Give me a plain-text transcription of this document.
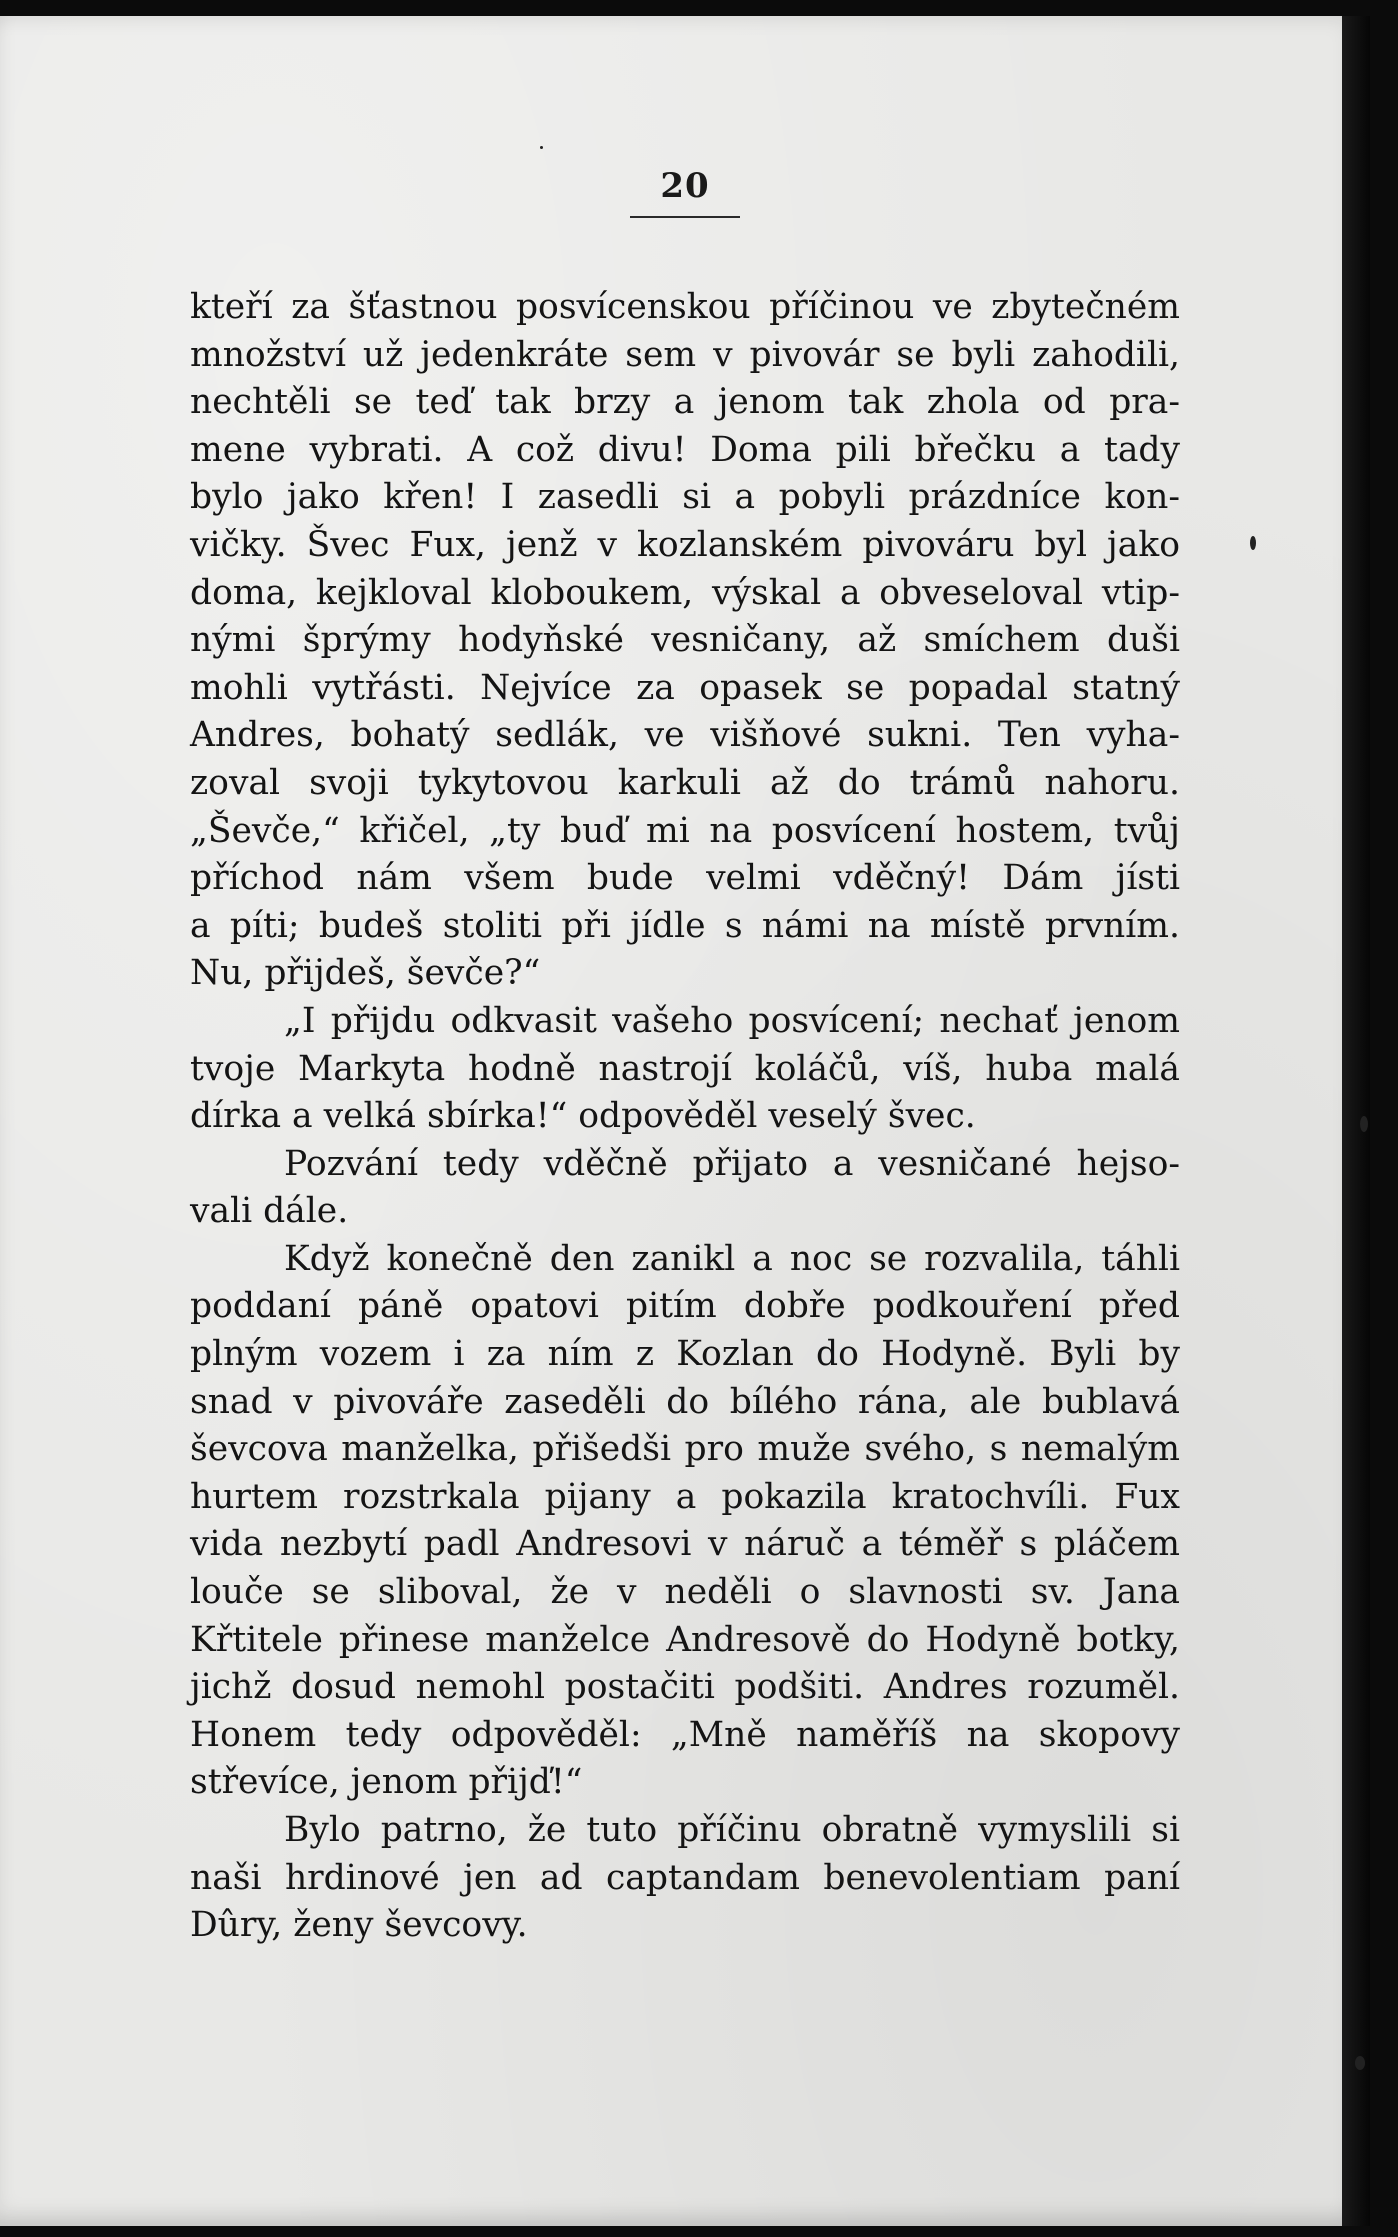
20
kteří za šťastnou posvícenskou příčinou ve zbytečném
množství už jedenkráte sem v pivovár se byli zahodili,
nechtěli se teď tak brzy a jenom tak zhola od pra-
mene vybrati. A což divu! Doma pili břečku a tady
bylo jako křen! I zasedli si a pobyli prázdníce kon-
vičky. Švec Fux, jenž v kozlanském pivováru byl jako
doma, kejkloval kloboukem, výskal a obveseloval vtip-
nými šprýmy hodyňské vesničany, až smíchem duši
mohli vytřásti. Nejvíce za opasek se popadal statný
Andres, bohatý sedlák, ve višňové sukni. Ten vyha-
zoval svoji tykytovou karkuli až do trámů nahoru.
„Ševče,“ křičel, „ty buď mi na posvícení hostem, tvůj
příchod nám všem bude velmi vděčný! Dám jísti
a píti; budeš stoliti při jídle s námi na místě prvním.
Nu, přijdeš, ševče?“
„I přijdu odkvasit vašeho posvícení; nechať jenom
tvoje Markyta hodně nastrojí koláčů, víš, huba malá
dírka a velká sbírka!“ odpověděl veselý švec.
Pozvání tedy vděčně přijato a vesničané hejso-
vali dále.
Když konečně den zanikl a noc se rozvalila, táhli
poddaní páně opatovi pitím dobře podkouření před
plným vozem i za ním z Kozlan do Hodyně. Byli by
snad v pivováře zaseděli do bílého rána, ale bublavá
ševcova manželka, přišedši pro muže svého, s nemalým
hurtem rozstrkala pijany a pokazila kratochvíli. Fux
vida nezbytí padl Andresovi v náruč a téměř s pláčem
louče se sliboval, že v neděli o slavnosti sv. Jana
Křtitele přinese manželce Andresově do Hodyně botky,
jichž dosud nemohl postačiti podšiti. Andres rozuměl.
Honem tedy odpověděl: „Mně naměříš na skopovy
střevíce, jenom přijď!“
Bylo patrno, že tuto příčinu obratně vymyslili si
naši hrdinové jen ad captandam benevolentiam paní
Dûry, ženy ševcovy.
